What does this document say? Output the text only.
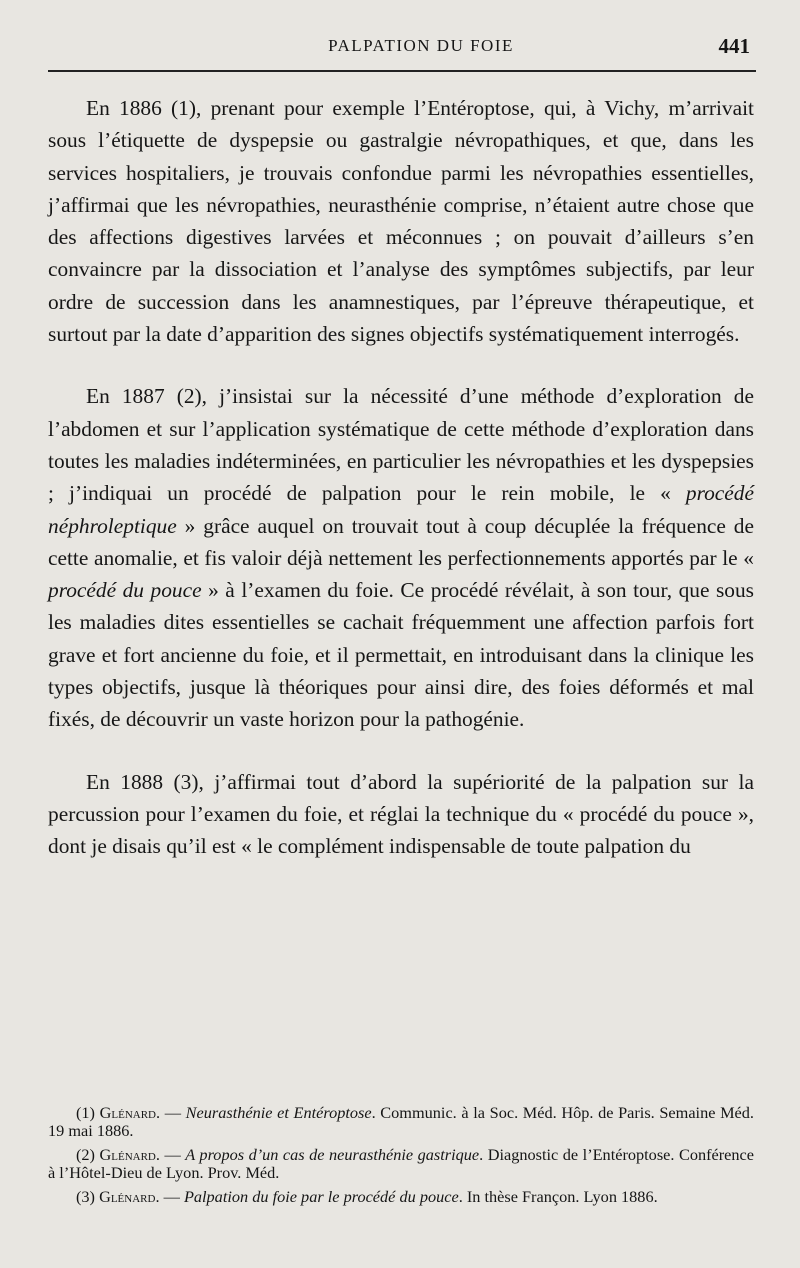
PALPATION DU FOIE	441

En 1886 (1), prenant pour exemple l’Entéroptose, qui, à Vichy, m’arrivait sous l’étiquette de dyspepsie ou gastralgie névropathiques, et que, dans les services hospitaliers, je trouvais confondue parmi les névropathies essentielles, j’affirmai que les névropathies, neurasthénie comprise, n’étaient autre chose que des affections digestives larvées et méconnues ; on pouvait d’ailleurs s’en convaincre par la dissociation et l’analyse des symptômes subjectifs, par leur ordre de succession dans les anamnestiques, par l’épreuve thérapeutique, et surtout par la date d’apparition des signes objectifs systématiquement interrogés.

En 1887 (2), j’insistai sur la nécessité d’une méthode d’exploration de l’abdomen et sur l’application systématique de cette méthode d’exploration dans toutes les maladies indéterminées, en particulier les névropathies et les dyspepsies ; j’indiquai un procédé de palpation pour le rein mobile, le « procédé néphroleptique » grâce auquel on trouvait tout à coup décuplée la fréquence de cette anomalie, et fis valoir déjà nettement les perfectionnements apportés par le « procédé du pouce » à l’examen du foie. Ce procédé révélait, à son tour, que sous les maladies dites essentielles se cachait fréquemment une affection parfois fort grave et fort ancienne du foie, et il permettait, en introduisant dans la clinique les types objectifs, jusque là théoriques pour ainsi dire, des foies déformés et mal fixés, de découvrir un vaste horizon pour la pathogénie.

En 1888 (3), j’affirmai tout d’abord la supériorité de la palpation sur la percussion pour l’examen du foie, et réglai la technique du « procédé du pouce », dont je disais qu’il est « le complément indispensable de toute palpation du

(1) Glénard. — Neurasthénie et Entéroptose. Communic. à la Soc. Méd. Hôp. de Paris. Semaine Méd. 19 mai 1886.

(2) Glénard. — A propos d’un cas de neurasthénie gastrique. Diagnostic de l’Entéroptose. Conférence à l’Hôtel-Dieu de Lyon. Prov. Méd.

(3) Glénard. — Palpation du foie par le procédé du pouce. In thèse Françon. Lyon 1886.
